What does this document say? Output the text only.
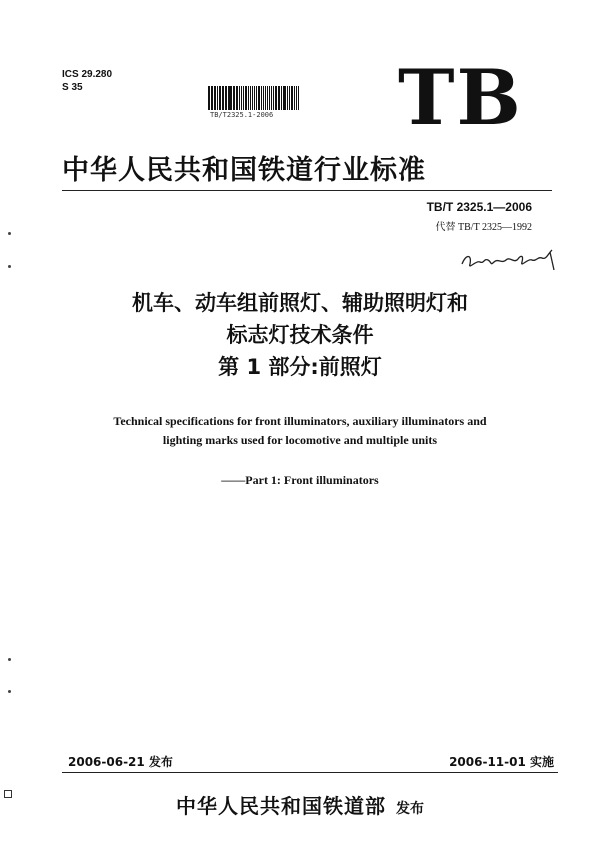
ICS 29.280
S 35
TB/T2325.1-2006 TB
中华人民共和国铁道行业标准
TB/T 2325.1—2006
代替 TB/T 2325—1992
机车、动车组前照灯、辅助照明灯和
标志灯技术条件
第 1 部分:前照灯
Technical specifications for front illuminators, auxiliary illuminators and
lighting marks used for locomotive and multiple units
——Part 1: Front illuminators
2006-06-21 发布	2006-11-01 实施
中华人民共和国铁道部 发布
